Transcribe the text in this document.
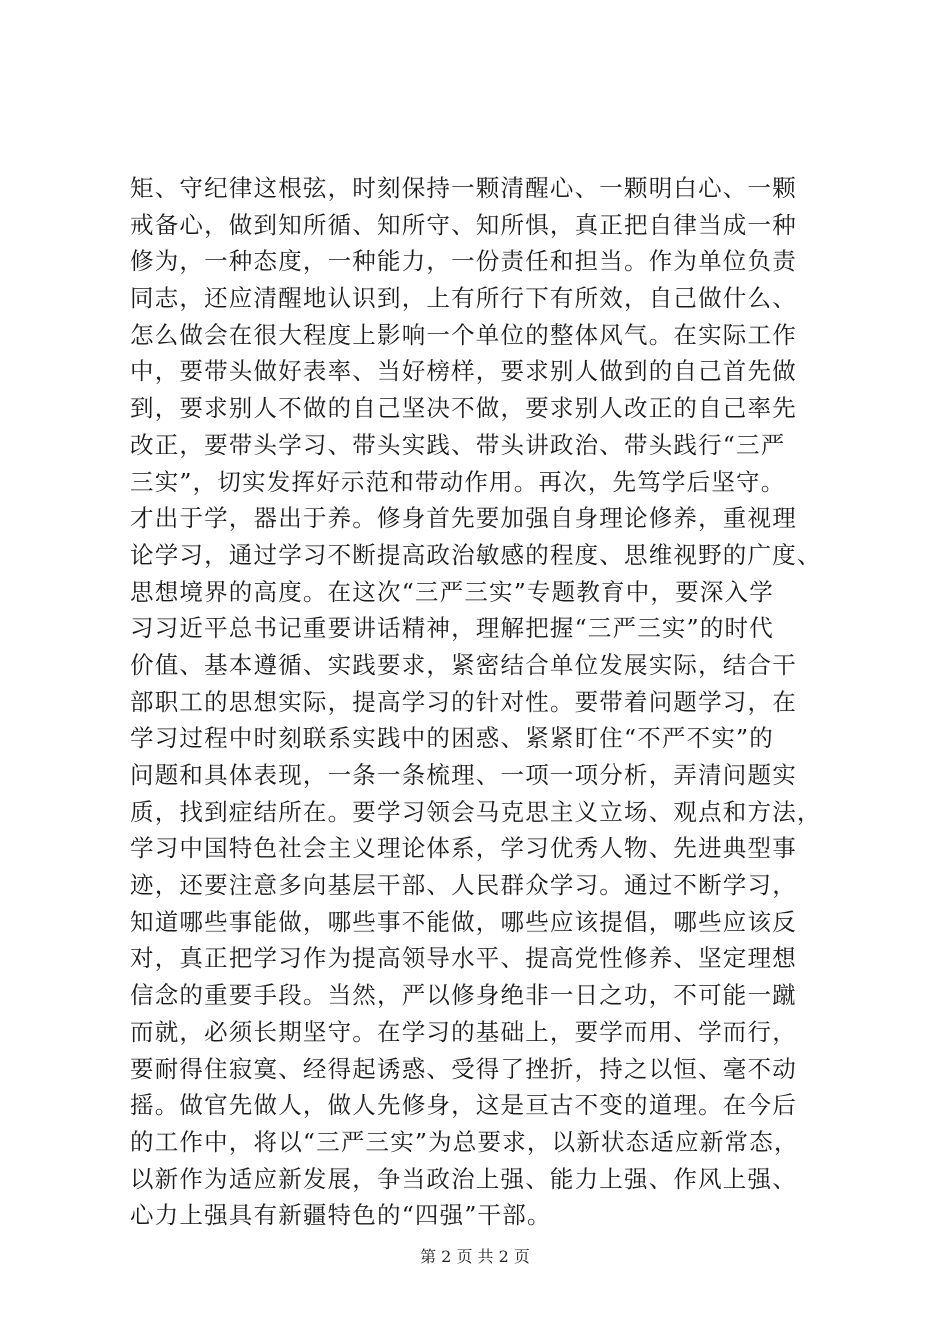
矩、守纪律这根弦，时刻保持一颗清醒心、一颗明白心、一颗
戒备心，做到知所循、知所守、知所惧，真正把自律当成一种
修为，一种态度，一种能力，一份责任和担当。作为单位负责
同志，还应清醒地认识到，上有所行下有所效，自己做什么、
怎么做会在很大程度上影响一个单位的整体风气。在实际工作
中，要带头做好表率、当好榜样，要求别人做到的自己首先做
到，要求别人不做的自己坚决不做，要求别人改正的自己率先
改正，要带头学习、带头实践、带头讲政治、带头践行“三严
三实”，切实发挥好示范和带动作用。再次，先笃学后坚守。
才出于学，器出于养。修身首先要加强自身理论修养，重视理
论学习，通过学习不断提高政治敏感的程度、思维视野的广度、
思想境界的高度。在这次“三严三实”专题教育中，要深入学
习习近平总书记重要讲话精神，理解把握“三严三实”的时代
价值、基本遵循、实践要求，紧密结合单位发展实际，结合干
部职工的思想实际，提高学习的针对性。要带着问题学习，在
学习过程中时刻联系实践中的困惑、紧紧盯住“不严不实”的
问题和具体表现，一条一条梳理、一项一项分析，弄清问题实
质，找到症结所在。要学习领会马克思主义立场、观点和方法，
学习中国特色社会主义理论体系，学习优秀人物、先进典型事
迹，还要注意多向基层干部、人民群众学习。通过不断学习，
知道哪些事能做，哪些事不能做，哪些应该提倡，哪些应该反
对，真正把学习作为提高领导水平、提高党性修养、坚定理想
信念的重要手段。当然，严以修身绝非一日之功，不可能一蹴
而就，必须长期坚守。在学习的基础上，要学而用、学而行，
要耐得住寂寞、经得起诱惑、受得了挫折，持之以恒、毫不动
摇。做官先做人，做人先修身，这是亘古不变的道理。在今后
的工作中，将以“三严三实”为总要求，以新状态适应新常态，
以新作为适应新发展，争当政治上强、能力上强、作风上强、
心力上强具有新疆特色的“四强”干部。
第 2 页 共 2 页
